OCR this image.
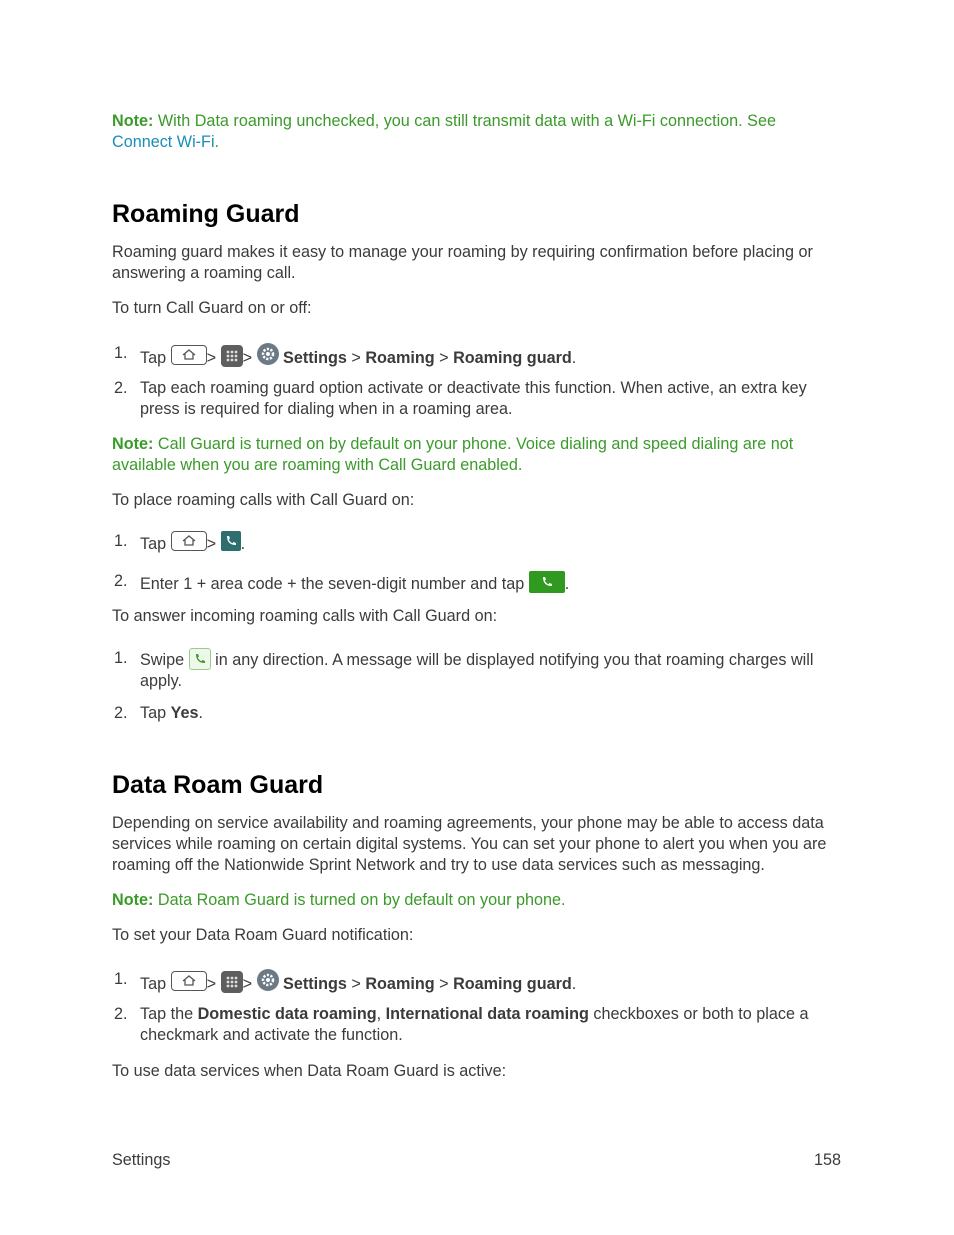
Note: With Data roaming unchecked, you can still transmit data with a Wi-Fi connection. See
Connect Wi-Fi.

Roaming Guard

Roaming guard makes it easy to manage your roaming by requiring confirmation before placing or answering a roaming call.

To turn Call Guard on or off:

1. Tap	> > Settings > Roaming > Roaming guard.
2. Tap each roaming guard option activate or deactivate this function. When active, an extra key press is required for dialing when in a roaming area.

Note: Call Guard is turned on by default on your phone. Voice dialing and speed dialing are not available when you are roaming with Call Guard enabled.

To place roaming calls with Call Guard on:

1. Tap	> .
2. Enter 1 + area code + the seven-digit number and tap	.

To answer incoming roaming calls with Call Guard on:

1. Swipe  in any direction. A message will be displayed notifying you that roaming charges will apply.
2. Tap Yes.
Data Roam Guard

Depending on service availability and roaming agreements, your phone may be able to access data services while roaming on certain digital systems. You can set your phone to alert you when you are roaming off the Nationwide Sprint Network and try to use data services such as messaging.

Note: Data Roam Guard is turned on by default on your phone.

To set your Data Roam Guard notification:

1. Tap	> > Settings > Roaming > Roaming guard.
2. Tap the Domestic data roaming, International data roaming checkboxes or both to place a checkmark and activate the function.

To use data services when Data Roam Guard is active:

Settings	158
